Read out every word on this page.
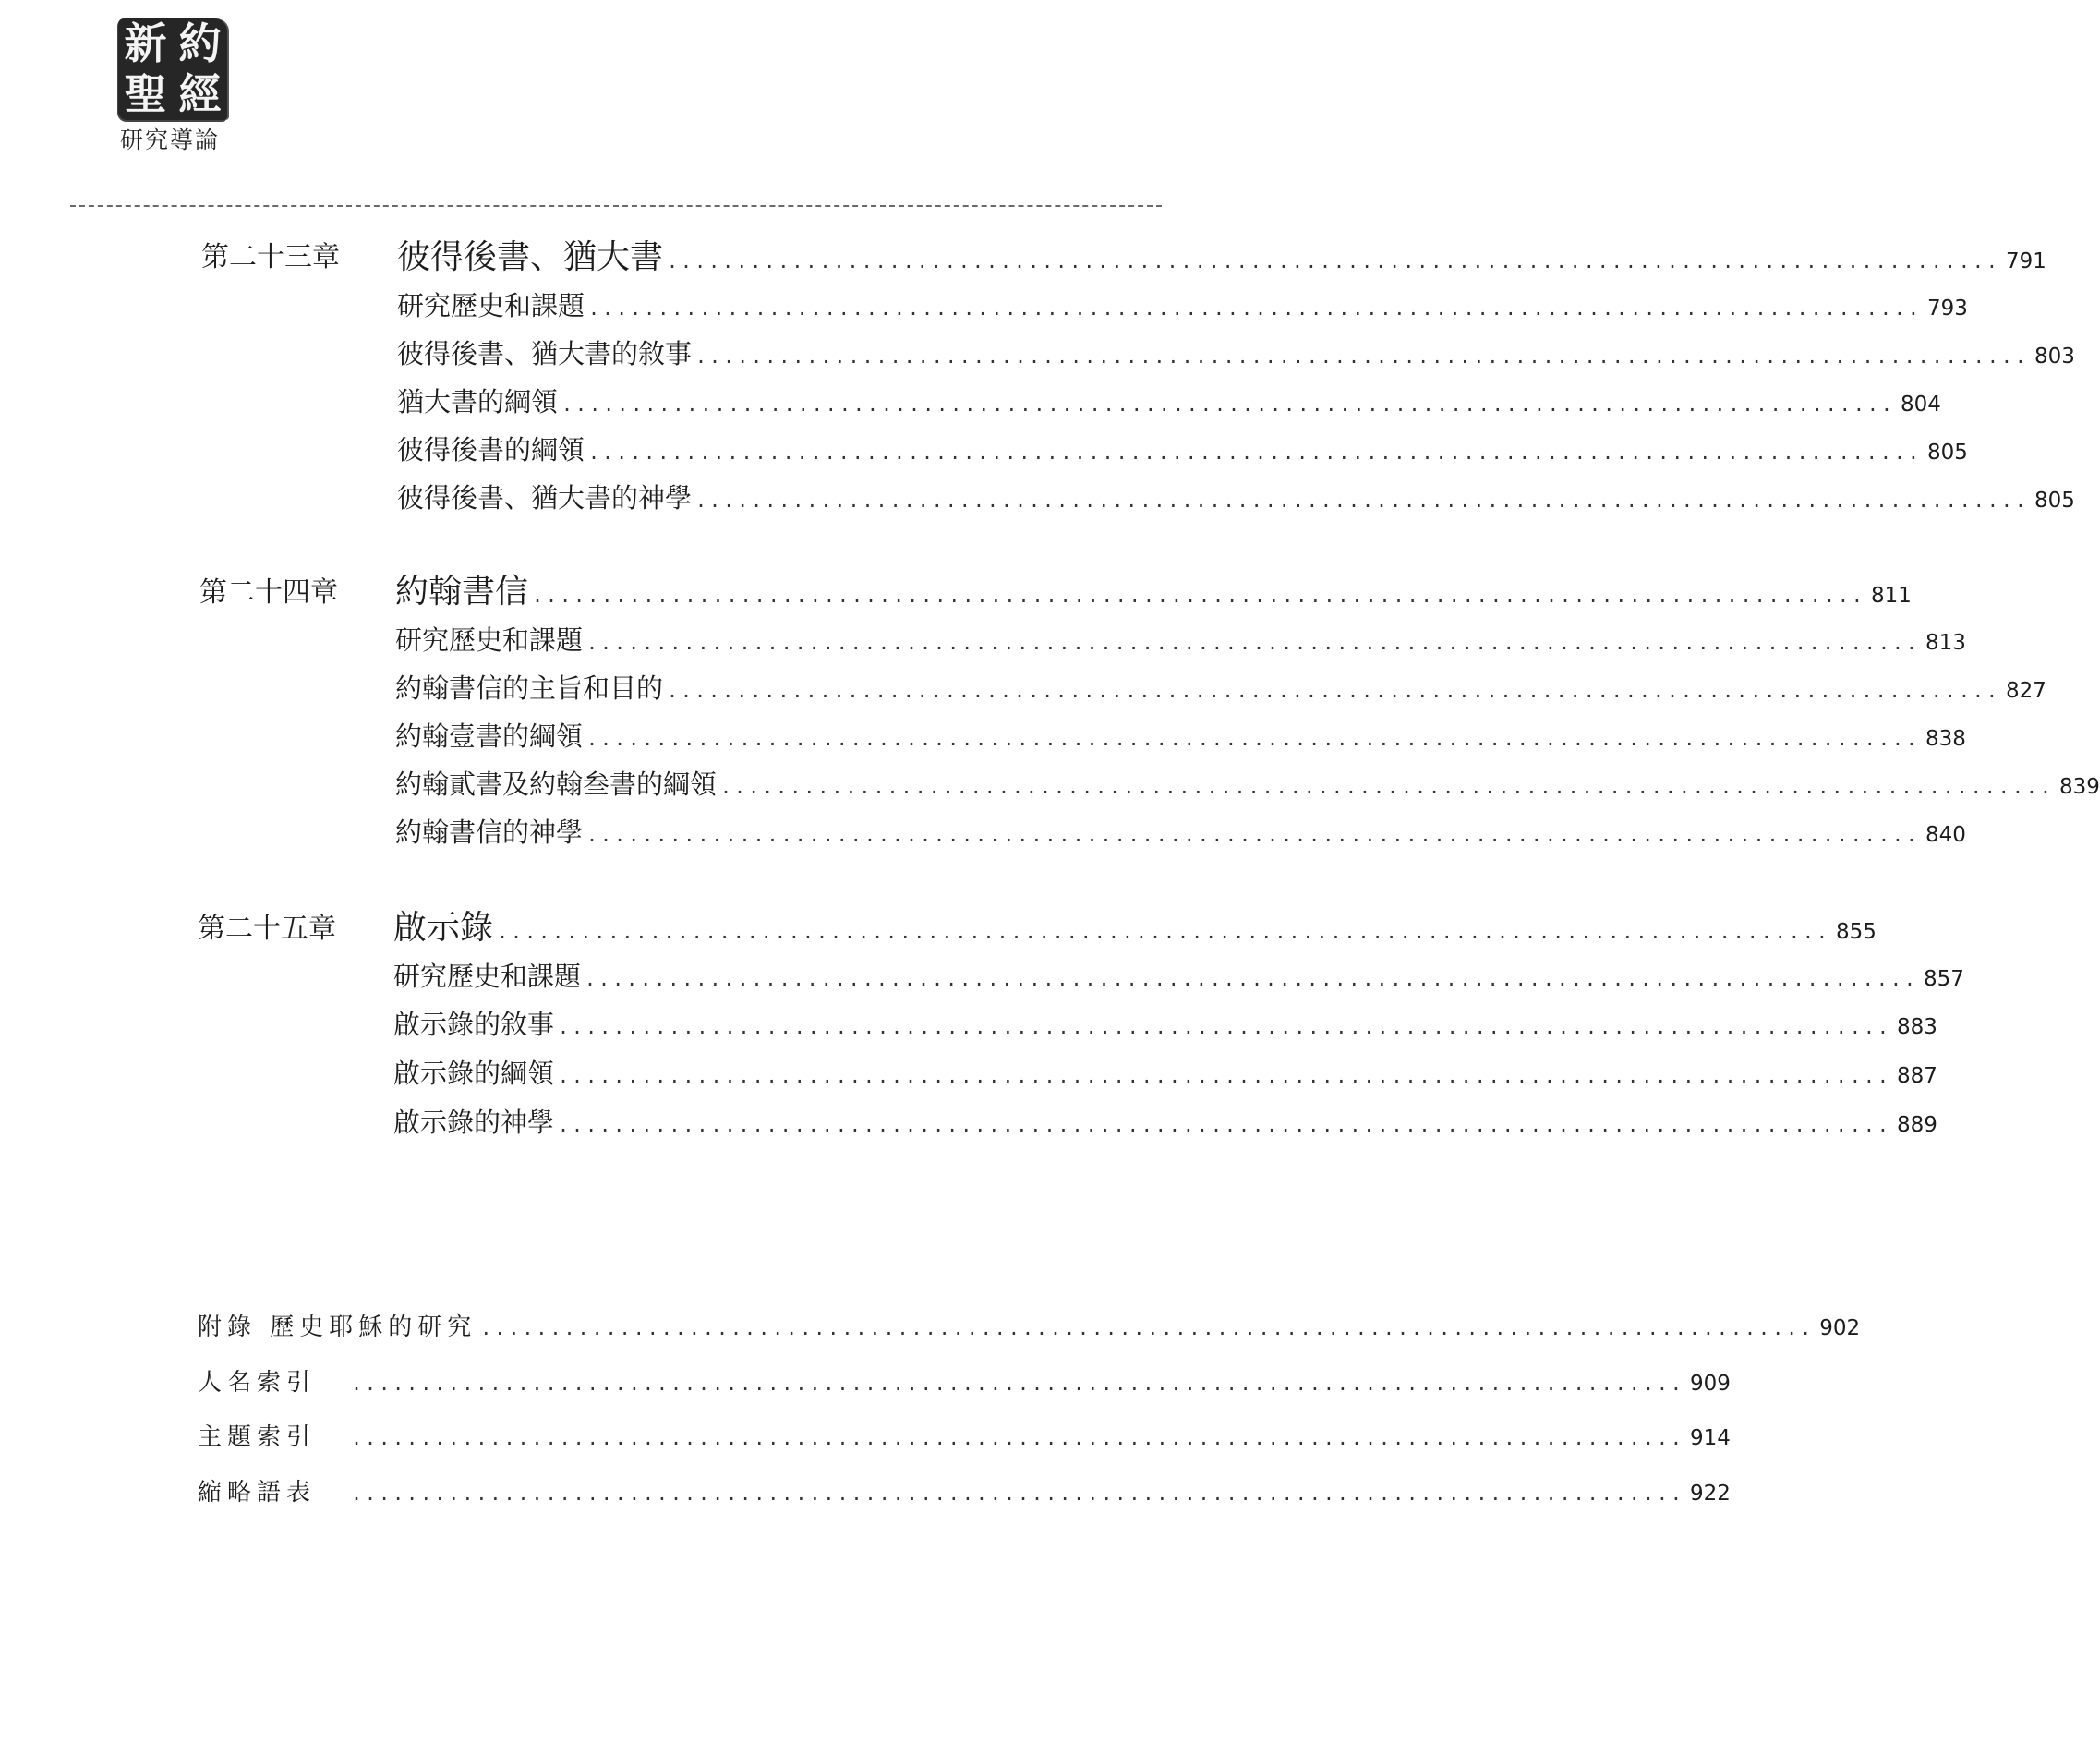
新 約
聖 經
研究導論
第二十三章 彼得後書、猶大書 ................................................................................................ 791
研究歷史和課題 ................................................................................................ 793
彼得後書、猶大書的敘事 ................................................................................................ 803
猶大書的綱領 ................................................................................................ 804
彼得後書的綱領 ................................................................................................ 805
彼得後書、猶大書的神學 ................................................................................................ 805
第二十四章 約翰書信 ................................................................................................ 811
研究歷史和課題 ................................................................................................ 813
約翰書信的主旨和目的 ................................................................................................ 827
約翰壹書的綱領 ................................................................................................ 838
約翰貳書及約翰叁書的綱領 ................................................................................................ 839
約翰書信的神學 ................................................................................................ 840
第二十五章 啟示錄 ................................................................................................ 855
研究歷史和課題 ................................................................................................ 857
啟示錄的敘事 ................................................................................................ 883
啟示錄的綱領 ................................................................................................ 887
啟示錄的神學 ................................................................................................ 889
附錄 歷史耶穌的研究 ................................................................................................ 902
人名索引 ................................................................................................ 909
主題索引 ................................................................................................ 914
縮略語表 ................................................................................................ 922
